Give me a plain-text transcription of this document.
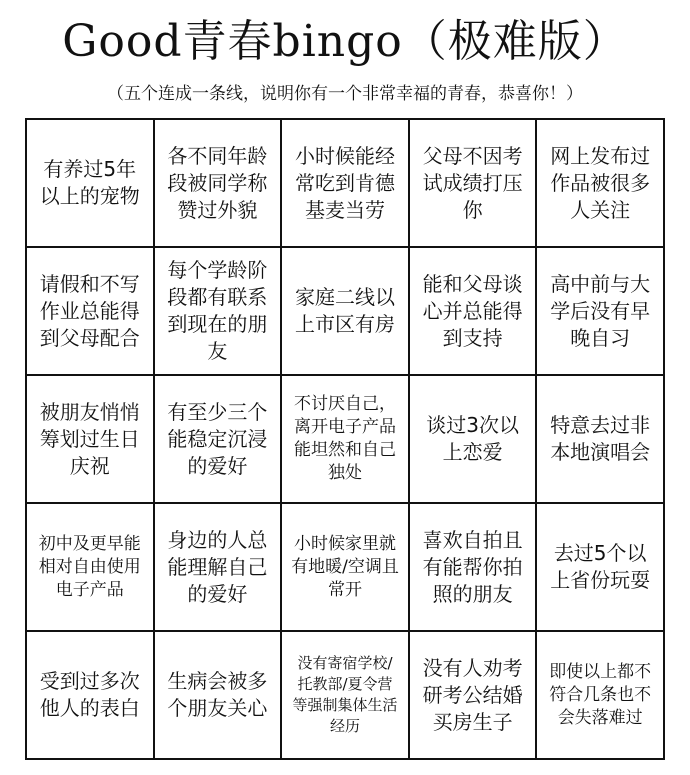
Good青春bingo（极难版）
（五个连成一条线，说明你有一个非常幸福的青春，恭喜你！）
有养过5年以上的宠物
各不同年龄段被同学称赞过外貌
小时候能经常吃到肯德基麦当劳
父母不因考试成绩打压你
网上发布过作品被很多人关注
请假和不写作业总能得到父母配合
每个学龄阶段都有联系到现在的朋友
家庭二线以上市区有房
能和父母谈心并总能得到支持
高中前与大学后没有早晚自习
被朋友悄悄筹划过生日庆祝
有至少三个能稳定沉浸的爱好
不讨厌自己，离开电子产品能坦然和自己独处
谈过3次以上恋爱
特意去过非本地演唱会
初中及更早能相对自由使用电子产品
身边的人总能理解自己的爱好
小时候家里就有地暖/空调且常开
喜欢自拍且有能帮你拍照的朋友
去过5个以上省份玩耍
受到过多次他人的表白
生病会被多个朋友关心
没有寄宿学校/托教部/夏令营等强制集体生活经历
没有人劝考研考公结婚买房生子
即使以上都不符合几条也不会失落难过
